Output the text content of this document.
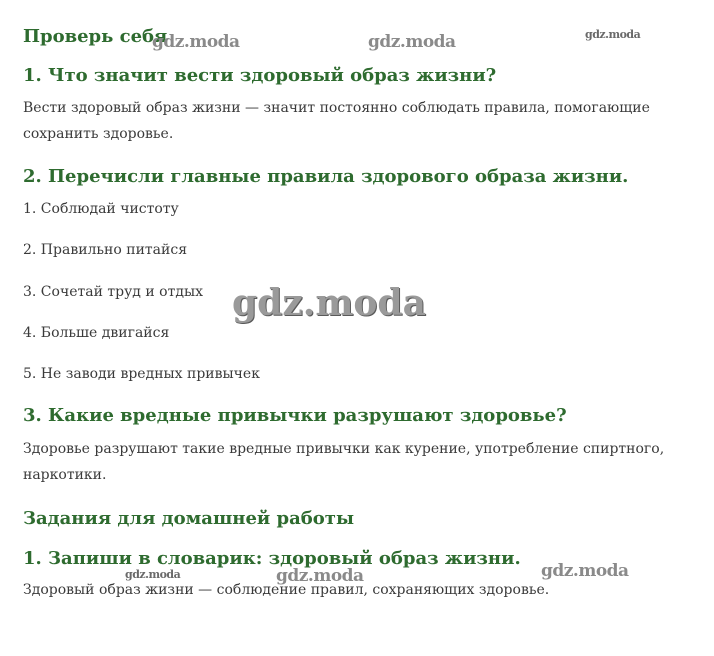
Проверь себя
1. Что значит вести здоровый образ жизни?

Вести здоровый образ жизни — значит постоянно соблюдать правила, помогающие сохранить здоровье.

2. Перечисли главные правила здорового образа жизни.

1. Соблюдай чистоту

2. Правильно питайся

3. Сочетай труд и отдых

4. Больше двигайся

5. Не заводи вредных привычек

3. Какие вредные привычки разрушают здоровье?

Здоровье разрушают такие вредные привычки как курение, употребление спиртного, наркотики.

Задания для домашней работы
1. Запиши в словарик: здоровый образ жизни.

Здоровый образ жизни — соблюдение правил, сохраняющих здоровье.

gdz.moda	gdz.moda	gdz.moda
gdz.moda
gdz.moda	gdz.moda	gdz.moda
